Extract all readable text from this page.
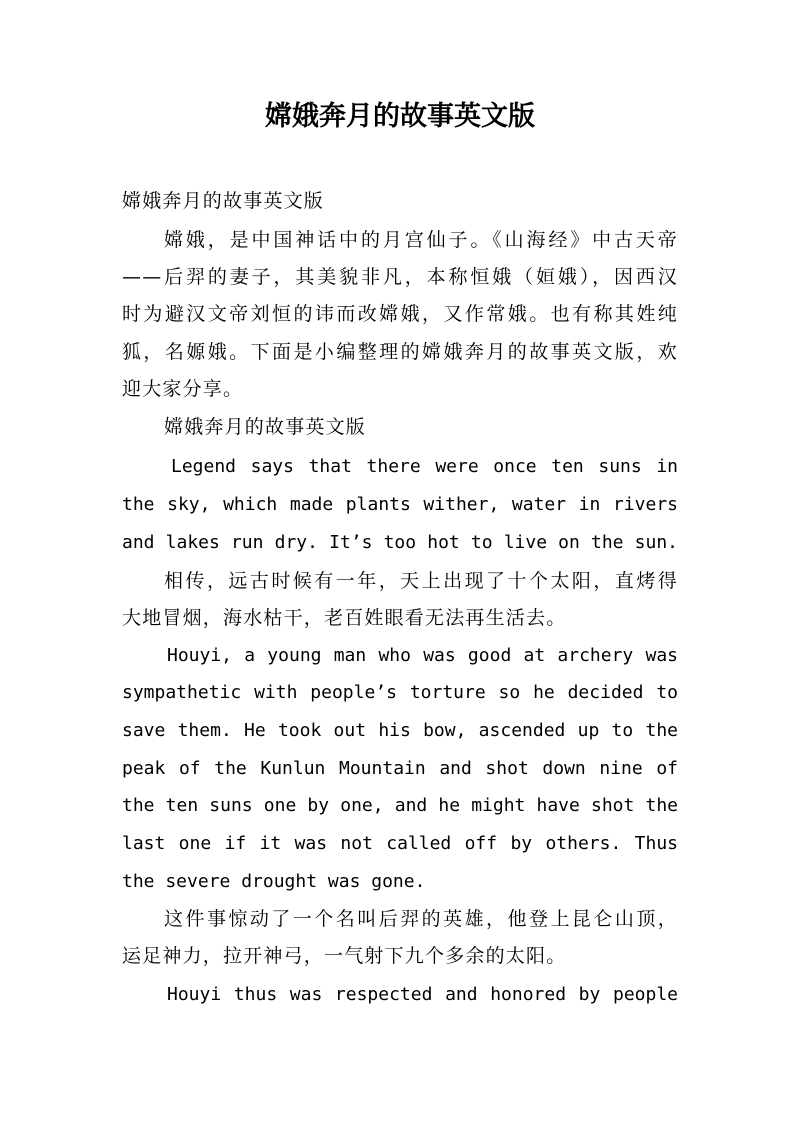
嫦娥奔月的故事英文版

嫦娥奔月的故事英文版

嫦娥，是中国神话中的月宫仙子。《山海经》中古天帝

——后羿的妻子，其美貌非凡，本称恒娥（姮娥），因西汉

时为避汉文帝刘恒的讳而改嫦娥，又作常娥。也有称其姓纯

狐，名嫄娥。下面是小编整理的嫦娥奔月的故事英文版，欢

迎大家分享。

嫦娥奔月的故事英文版

Legend says that there were once ten suns in

the sky, which made plants wither, water in rivers

and lakes run dry. It’s too hot to live on the sun.

相传，远古时候有一年，天上出现了十个太阳，直烤得

大地冒烟，海水枯干，老百姓眼看无法再生活去。

Houyi, a young man who was good at archery was

sympathetic with people’s torture so he decided to

save them. He took out his bow, ascended up to the

peak of the Kunlun Mountain and shot down nine of

the ten suns one by one, and he might have shot the

last one if it was not called off by others. Thus

the severe drought was gone.

这件事惊动了一个名叫后羿的英雄，他登上昆仑山顶，

运足神力，拉开神弓，一气射下九个多余的太阳。

Houyi thus was respected and honored by people
